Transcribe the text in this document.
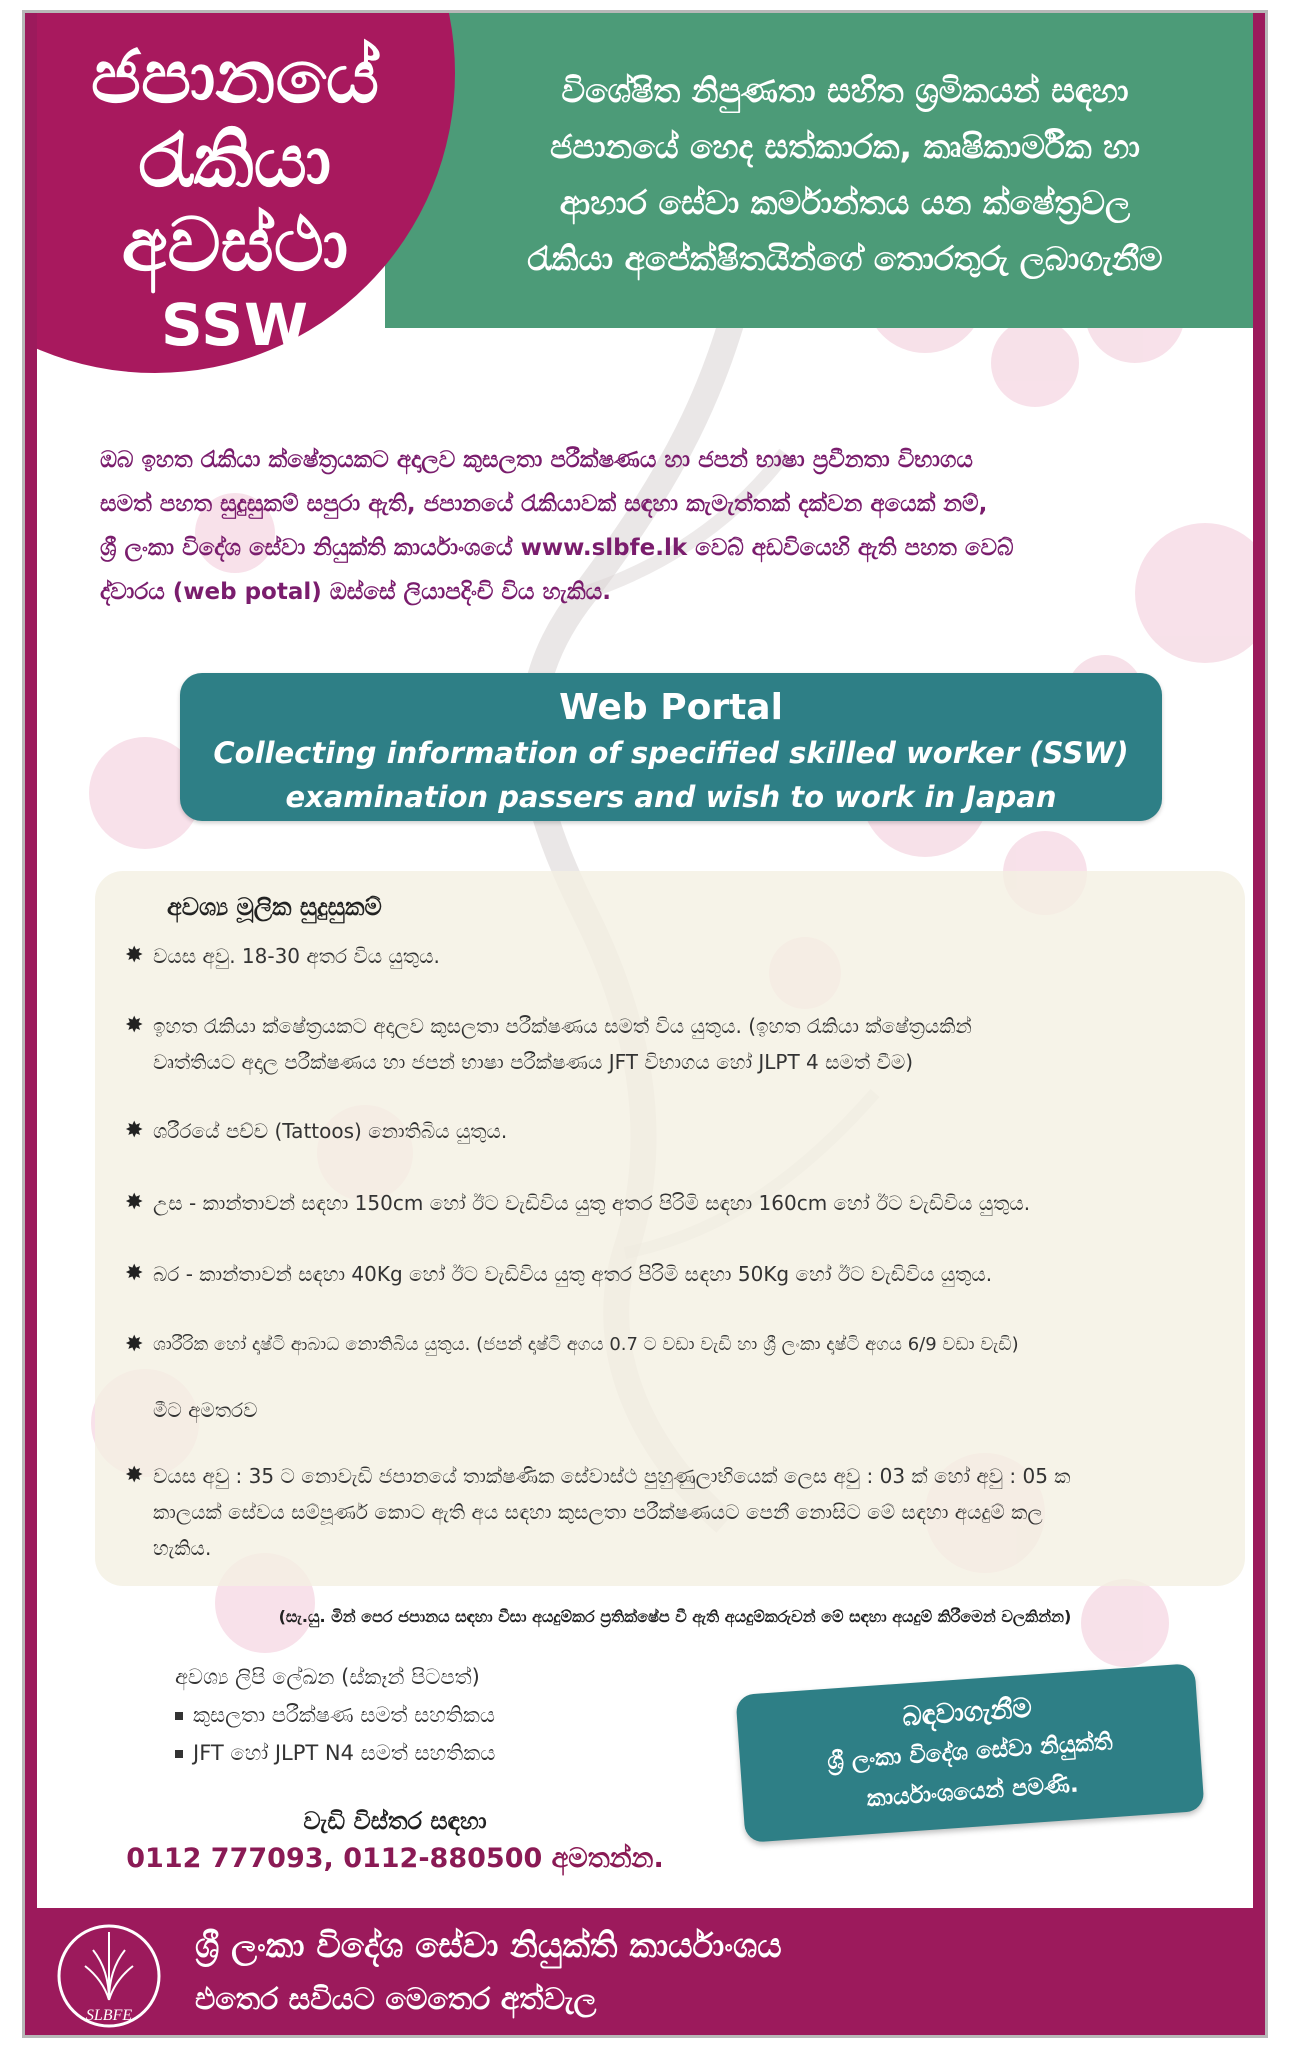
ජපානයේ
රැකියා
අවස්ථා
SSW
විශේෂිත නිපුණතා සහිත ශ්‍රමිකයන් සඳහා
ජපානයේ හෙද සත්කාරක, කෘෂිකාර්මික හා
ආහාර සේවා කර්මාන්තය යන ක්ෂේත්‍රවල
රැකියා අපේක්ෂිතයින්ගේ තොරතුරු ලබාගැනීම
ඔබ ඉහත රැකියා ක්ෂේත්‍රයකට අදාලව කුසලතා පරීක්ෂණය හා ජපන් භාෂා ප්‍රවීනතා විභාගය
සමත් පහත සුදුසුකම් සපුරා ඇති, ජපානයේ රැකියාවක් සඳහා කැමැත්තක් දක්වන අයෙක් නම්,
ශ්‍රී ලංකා විදේශ සේවා නියුක්ති කාර්යාංශයේ www.slbfe.lk වෙබ් අඩවියෙහි ඇති පහත වෙබ්
ද්වාරය (web potal) ඔස්සේ ලියාපදිංචි විය හැකිය.
Web Portal
Collecting information of specified skilled worker (SSW)
examination passers and wish to work in Japan
අවශ්‍ය මූලික සුදුසුකම්
✸ වයස අවු. 18-30 අතර විය යුතුය.
✸ ඉහත රැකියා ක්ෂේත්‍රයකට අදාලව කුසලතා පරීක්ෂණය සමත් විය යුතුය. (ඉහත රැකියා ක්ෂේත්‍රයකින්
වෘත්තියට අදාල පරීක්ෂණය හා ජපන් භාෂා පරීක්ෂණය JFT විභාගය හෝ JLPT 4 සමත් වීම)
✸ ශරීරයේ පච්ච (Tattoos) නොතිබිය යුතුය.
✸ උස - කාන්තාවන් සඳහා 150cm හෝ ඊට වැඩිවිය යුතු අතර පිරිමි සඳහා 160cm හෝ ඊට වැඩිවිය යුතුය.
✸ බර - කාන්තාවන් සඳහා 40Kg හෝ ඊට වැඩිවිය යුතු අතර පිරිමි සඳහා 50Kg හෝ ඊට වැඩිවිය යුතුය.
✸ ශාරීරික හෝ දෘෂ්ටි ආබාධ නොතිබිය යුතුය. (ජපන් දෘෂ්ටි අගය 0.7 ට වඩා වැඩි හා ශ්‍රී ලංකා දෘෂ්ටි අගය 6/9 වඩා වැඩි)
මීට අමතරව
✸ වයස අවු : 35 ට නොවැඩි ජපානයේ තාක්ෂණික සේවාස්ථ පුහුණුලාභියෙක් ලෙස අවු : 03 ක් හෝ අවු : 05 ක
කාලයක් සේවය සම්පූර්ණ කොට ඇති අය සඳහා කුසලතා පරීක්ෂණයට පෙනී නොසිට මේ සඳහා අයදුම් කල
හැකිය.
(සැ.යු. මින් පෙර ජපානය සඳහා වීසා අයදුම්කර ප්‍රතික්ෂේප වී ඇති අයදුම්කරුවන් මේ සඳහා අයදුම් කිරීමෙන් වලකින්න)
අවශ්‍ය ලිපි ලේඛන (ස්කෑන් පිටපත්)
කුසලතා පරීක්ෂණ සමත් සහතිකය
JFT හෝ JLPT N4 සමත් සහතිකය
වැඩි විස්තර සඳහා
0112 777093, 0112-880500 අමතන්න.
බඳවාගැනීම
ශ්‍රී ලංකා විදේශ සේවා නියුක්ති
කාර්යාංශයෙන් පමණි.
SLBFE
ශ්‍රී ලංකා විදේශ සේවා නියුක්ති කාර්යාංශය
එතෙර සවියට මෙතෙර අත්වැල
